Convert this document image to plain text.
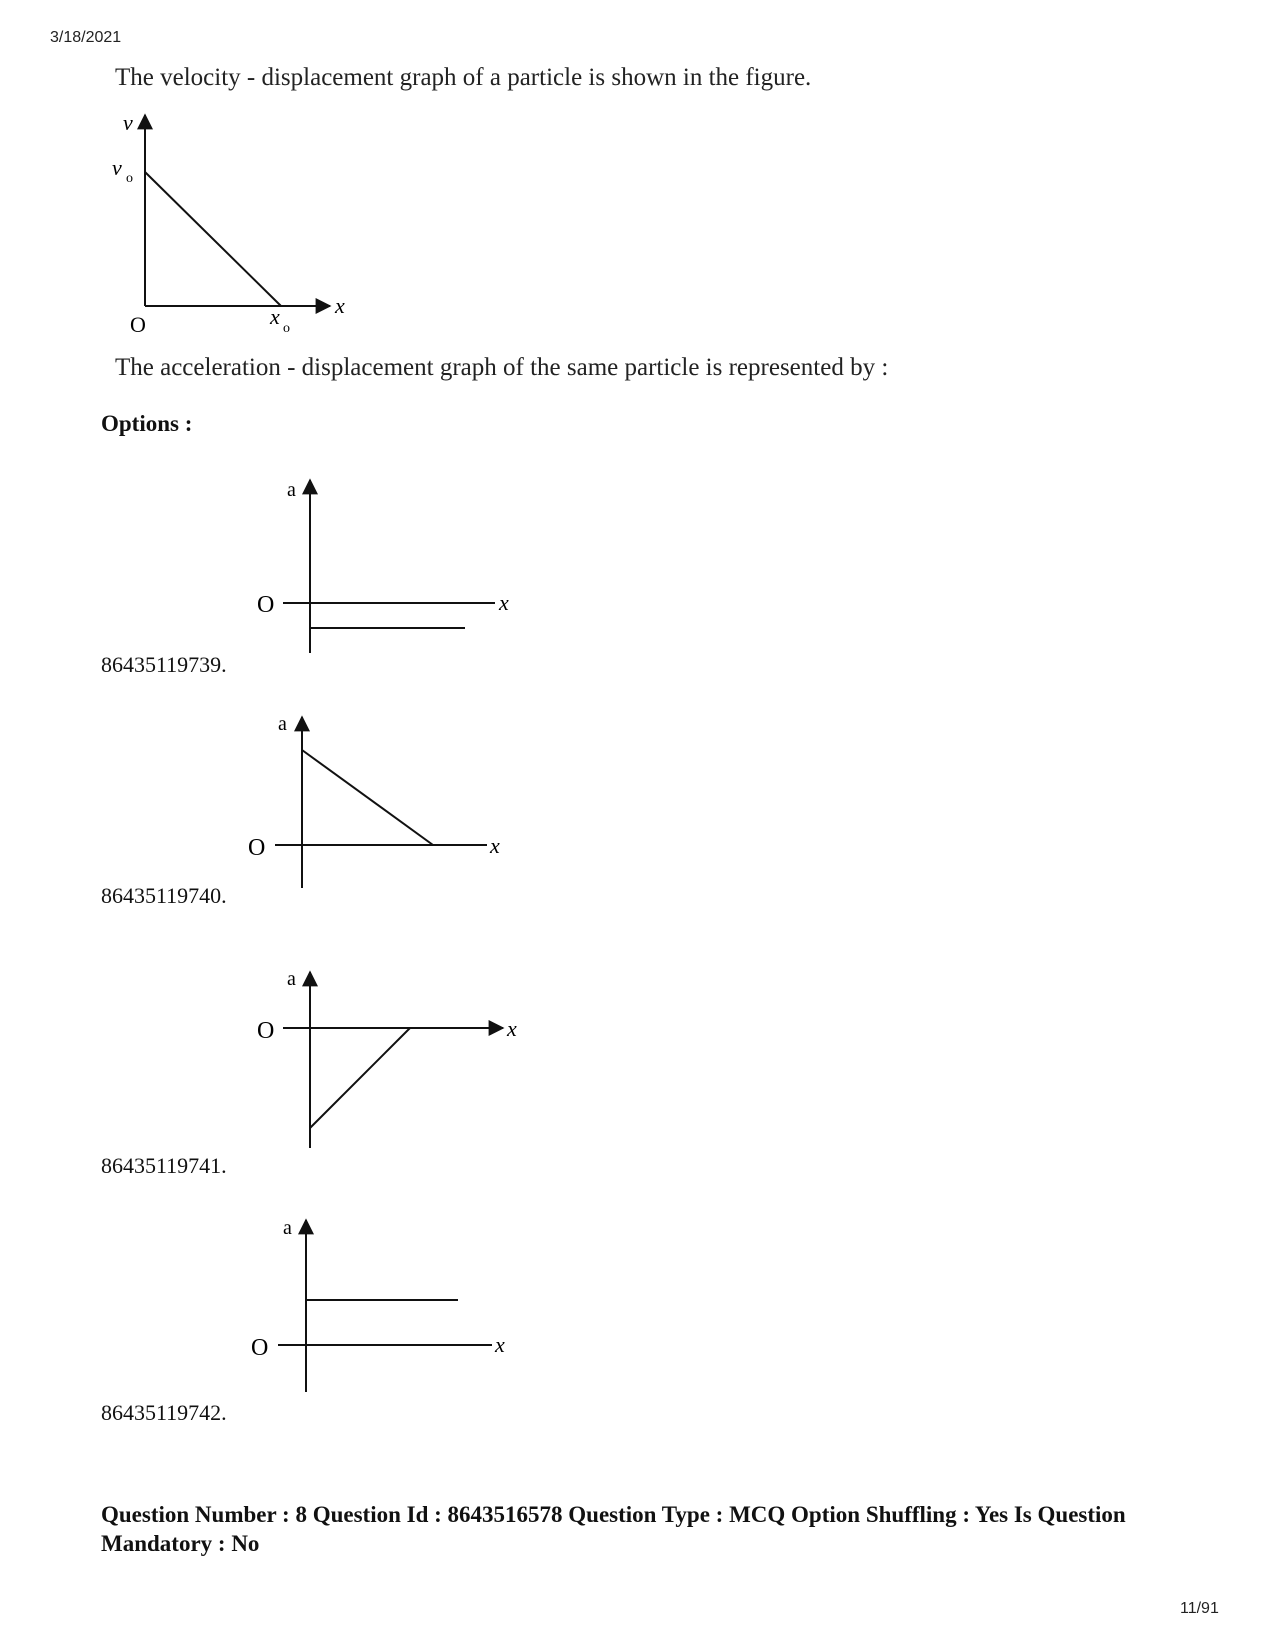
3/18/2021
The velocity - displacement graph of a particle is shown in the figure.
v
v o
O	x o
x
The acceleration - displacement graph of the same particle is represented by :
Options :
a
O	x
86435119739.
a
O	x
86435119740.
a
O	x
86435119741.
a
O	x
86435119742.
Question Number : 8 Question Id : 8643516578 Question Type : MCQ Option Shuffling : Yes Is Question Mandatory : No
11/91
